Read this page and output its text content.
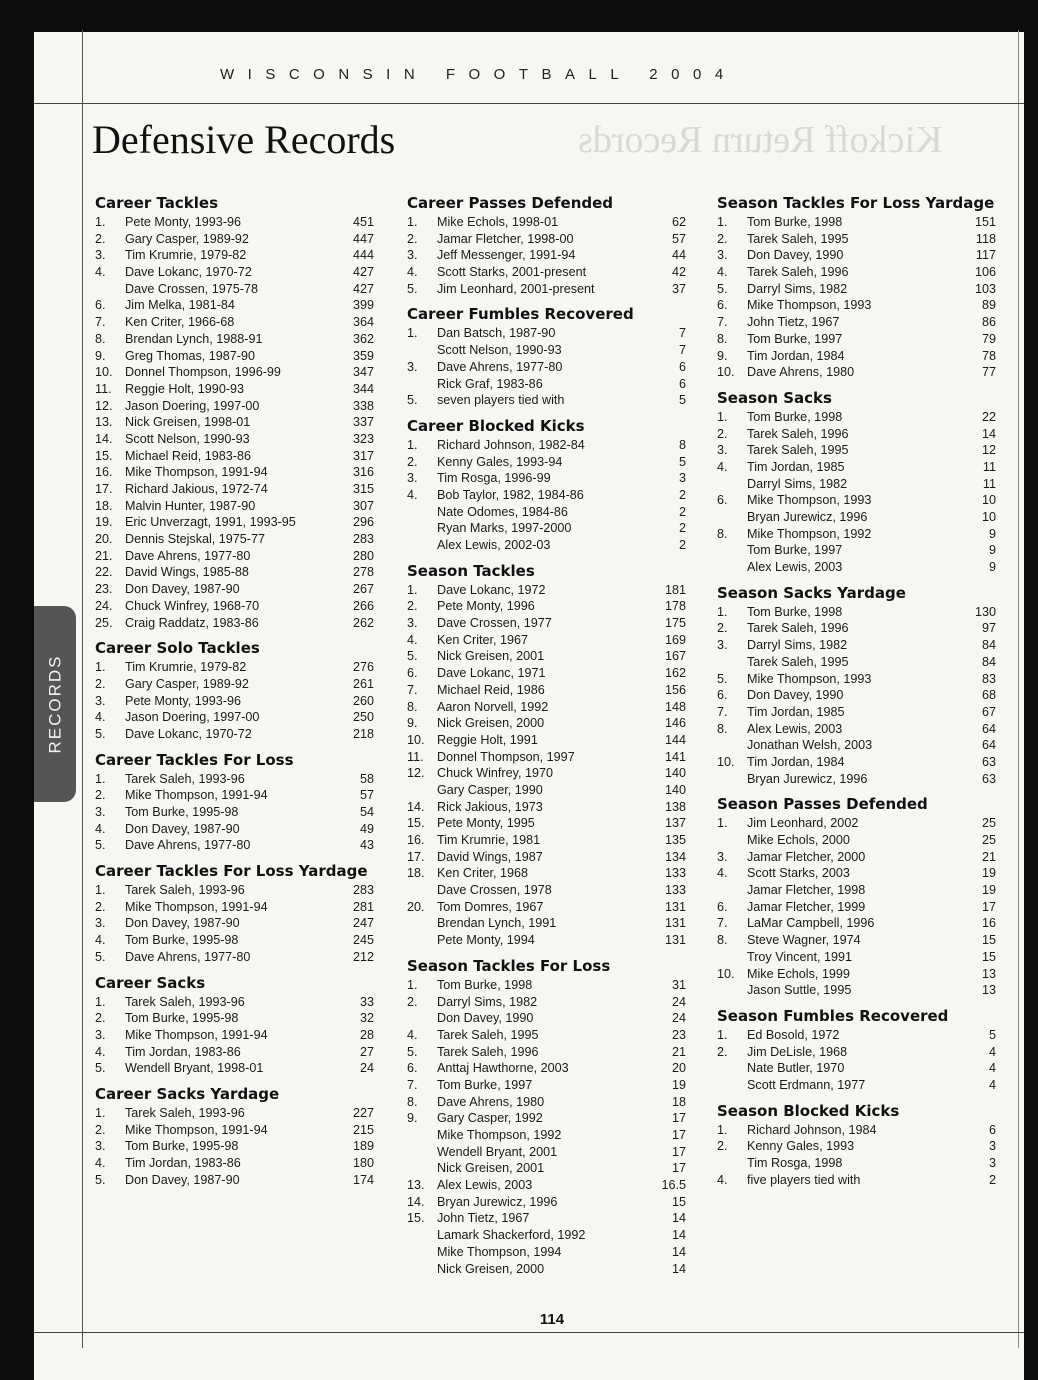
WISCONSIN FOOTBALL 2004
Kickoff Return Records
Defensive Records
RECORDS
Career Tackles
1.	Pete Monty, 1993-96	451
2.	Gary Casper, 1989-92	447
3.	Tim Krumrie, 1979-82	444
4.	Dave Lokanc, 1970-72	427
Dave Crossen, 1975-78	427
6.	Jim Melka, 1981-84	399
7.	Ken Criter, 1966-68	364
8.	Brendan Lynch, 1988-91	362
9.	Greg Thomas, 1987-90	359
10. Donnel Thompson, 1996-99	347
11.	Reggie Holt, 1990-93	344
12. Jason Doering, 1997-00	338
13. Nick Greisen, 1998-01	337
14. Scott Nelson, 1990-93	323
15. Michael Reid, 1983-86	317
16. Mike Thompson, 1991-94	316
17. Richard Jakious, 1972-74	315
18. Malvin Hunter, 1987-90	307
19. Eric Unverzagt, 1991, 1993-95	296
20. Dennis Stejskal, 1975-77	283
21. Dave Ahrens, 1977-80	280
22. David Wings, 1985-88	278
23. Don Davey, 1987-90	267
24. Chuck Winfrey, 1968-70	266
25. Craig Raddatz, 1983-86	262
Career Solo Tackles
1.	Tim Krumrie, 1979-82	276
2.	Gary Casper, 1989-92	261
3.	Pete Monty, 1993-96	260
4.	Jason Doering, 1997-00	250
5.	Dave Lokanc, 1970-72	218
Career Tackles For Loss
1.	Tarek Saleh, 1993-96	58
2.	Mike Thompson, 1991-94	57
3.	Tom Burke, 1995-98	54
4.	Don Davey, 1987-90	49
5.	Dave Ahrens, 1977-80	43
Career Tackles For Loss Yardage
1.	Tarek Saleh, 1993-96	283
2.	Mike Thompson, 1991-94	281
3.	Don Davey, 1987-90	247
4.	Tom Burke, 1995-98	245
5.	Dave Ahrens, 1977-80	212
Career Sacks
1.	Tarek Saleh, 1993-96	33
2.	Tom Burke, 1995-98	32
3.	Mike Thompson, 1991-94	28
4.	Tim Jordan, 1983-86	27
5.	Wendell Bryant, 1998-01	24
Career Sacks Yardage
1.	Tarek Saleh, 1993-96	227
2.	Mike Thompson, 1991-94	215
3.	Tom Burke, 1995-98	189
4.	Tim Jordan, 1983-86	180
5.	Don Davey, 1987-90	174
Career Passes Defended
1.	Mike Echols, 1998-01	62
2.	Jamar Fletcher, 1998-00	57
3.	Jeff Messenger, 1991-94	44
4.	Scott Starks, 2001-present	42
5.	Jim Leonhard, 2001-present	37
Career Fumbles Recovered
1.	Dan Batsch, 1987-90	7
Scott Nelson, 1990-93	7
3.	Dave Ahrens, 1977-80	6
Rick Graf, 1983-86	6
5.	seven players tied with	5
Career Blocked Kicks
1.	Richard Johnson, 1982-84	8
2.	Kenny Gales, 1993-94	5
3.	Tim Rosga, 1996-99	3
4.	Bob Taylor, 1982, 1984-86	2
Nate Odomes, 1984-86	2
Ryan Marks, 1997-2000	2
Alex Lewis, 2002-03	2
Season Tackles
1.	Dave Lokanc, 1972	181
2.	Pete Monty, 1996	178
3.	Dave Crossen, 1977	175
4.	Ken Criter, 1967	169
5.	Nick Greisen, 2001	167
6.	Dave Lokanc, 1971	162
7.	Michael Reid, 1986	156
8.	Aaron Norvell, 1992	148
9.	Nick Greisen, 2000	146
10. Reggie Holt, 1991	144
11.	Donnel Thompson, 1997	141
12. Chuck Winfrey, 1970	140
Gary Casper, 1990	140
14. Rick Jakious, 1973	138
15. Pete Monty, 1995	137
16. Tim Krumrie, 1981	135
17. David Wings, 1987	134
18. Ken Criter, 1968	133
Dave Crossen, 1978	133
20. Tom Domres, 1967	131
Brendan Lynch, 1991	131
Pete Monty, 1994	131
Season Tackles For Loss
1.	Tom Burke, 1998	31
2.	Darryl Sims, 1982	24
Don Davey, 1990	24
4.	Tarek Saleh, 1995	23
5.	Tarek Saleh, 1996	21
6.	Anttaj Hawthorne, 2003	20
7.	Tom Burke, 1997	19
8.	Dave Ahrens, 1980	18
9.	Gary Casper, 1992	17
Mike Thompson, 1992	17
Wendell Bryant, 2001	17
Nick Greisen, 2001	17
13. Alex Lewis, 2003	16.5
14. Bryan Jurewicz, 1996	15
15. John Tietz, 1967	14
Lamark Shackerford, 1992	14
Mike Thompson, 1994	14
Nick Greisen, 2000	14
Season Tackles For Loss Yardage
1.	Tom Burke, 1998	151
2.	Tarek Saleh, 1995	118
3.	Don Davey, 1990	117
4.	Tarek Saleh, 1996	106
5.	Darryl Sims, 1982	103
6.	Mike Thompson, 1993	89
7.	John Tietz, 1967	86
8.	Tom Burke, 1997	79
9.	Tim Jordan, 1984	78
10. Dave Ahrens, 1980	77
Season Sacks
1.	Tom Burke, 1998	22
2.	Tarek Saleh, 1996	14
3.	Tarek Saleh, 1995	12
4.	Tim Jordan, 1985	11
Darryl Sims, 1982	11
6.	Mike Thompson, 1993	10
Bryan Jurewicz, 1996	10
8.	Mike Thompson, 1992	9
Tom Burke, 1997	9
Alex Lewis, 2003	9
Season Sacks Yardage
1.	Tom Burke, 1998	130
2.	Tarek Saleh, 1996	97
3.	Darryl Sims, 1982	84
Tarek Saleh, 1995	84
5.	Mike Thompson, 1993	83
6.	Don Davey, 1990	68
7.	Tim Jordan, 1985	67
8.	Alex Lewis, 2003	64
Jonathan Welsh, 2003	64
10. Tim Jordan, 1984	63
Bryan Jurewicz, 1996	63
Season Passes Defended
1.	Jim Leonhard, 2002	25
Mike Echols, 2000	25
3.	Jamar Fletcher, 2000	21
4.	Scott Starks, 2003	19
Jamar Fletcher, 1998	19
6.	Jamar Fletcher, 1999	17
7.	LaMar Campbell, 1996	16
8.	Steve Wagner, 1974	15
Troy Vincent, 1991	15
10. Mike Echols, 1999	13
Jason Suttle, 1995	13
Season Fumbles Recovered
1.	Ed Bosold, 1972	5
2.	Jim DeLisle, 1968	4
Nate Butler, 1970	4
Scott Erdmann, 1977	4
Season Blocked Kicks
1.	Richard Johnson, 1984	6
2.	Kenny Gales, 1993	3
Tim Rosga, 1998	3
4.	five players tied with	2
114
